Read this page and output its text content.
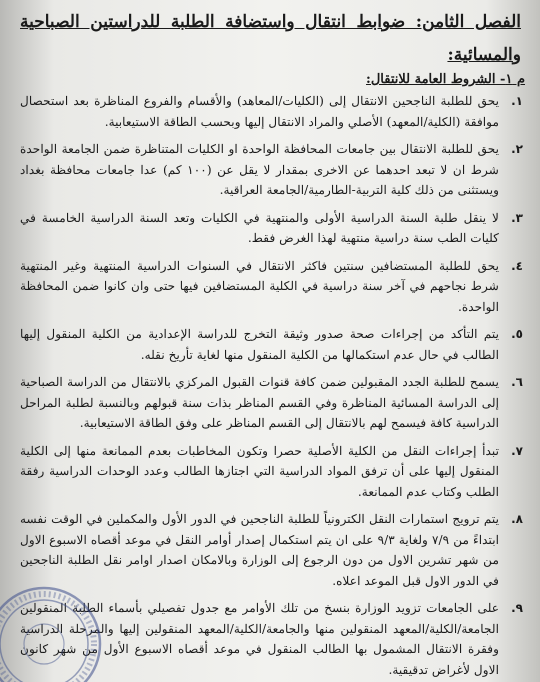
الفصل الثامن: ضوابط انتقال واستضافة الطلبة للدراستين الصباحية والمسائية:
م ١- الشروط العامة للانتقال:
١.
يحق للطلبة الناجحين الانتقال إلى (الكليات/المعاهد) والأقسام والفروع المناظرة بعد استحصال موافقة (الكلية/المعهد) الأصلي والمراد الانتقال إليها وبحسب الطاقة الاستيعابية.
٢.
يحق للطلبة الانتقال بين جامعات المحافظة الواحدة او الكليات المتناظرة ضمن الجامعة الواحدة شرط ان لا تبعد احدهما عن الاخرى بمقدار لا يقل عن (١٠٠ كم) عدا جامعات محافظة بغداد ويستثنى من ذلك كلية التربية-الطارمية/الجامعة العراقية.
٣.
لا ينقل طلبة السنة الدراسية الأولى والمنتهية في الكليات وتعد السنة الدراسية الخامسة في كليات الطب سنة دراسية منتهية لهذا الغرض فقط.
٤.
يحق للطلبة المستضافين سنتين فاكثر الانتقال في السنوات الدراسية المنتهية وغير المنتهية شرط نجاحهم في آخر سنة دراسية في الكلية المستضافين فيها حتى وان كانوا ضمن المحافظة الواحدة.
٥.
يتم التأكد من إجراءات صحة صدور وثيقة التخرج للدراسة الإعدادية من الكلية المنقول إليها الطالب في حال عدم استكمالها من الكلية المنقول منها لغاية تأريخ نقله.
٦.
يسمح للطلبة الجدد المقبولين ضمن كافة قنوات القبول المركزي بالانتقال من الدراسة الصباحية إلى الدراسة المسائية المناظرة وفي القسم المناظر بذات سنة قبولهم وبالنسبة لطلبة المراحل الدراسية كافة فيسمح لهم بالانتقال إلى القسم المناظر على وفق الطاقة الاستيعابية.
٧.
تبدأ إجراءات النقل من الكلية الأصلية حصرا وتكون المخاطبات بعدم الممانعة منها إلى الكلية المنقول إليها على أن ترفق المواد الدراسية التي اجتازها الطالب وعدد الوحدات الدراسية رفقة الطلب وكتاب عدم الممانعة.
٨.
يتم ترويج استمارات النقل الكترونياً للطلبة الناجحين في الدور الأول والمكملين في الوقت نفسه ابتداءً من ٧/٩ ولغاية ٩/٣ على ان يتم استكمال إصدار أوامر النقل في موعد أقصاه الاسبوع الاول من شهر تشرين الاول من دون الرجوع إلى الوزارة وبالامكان اصدار اوامر نقل الطلبة الناجحين في الدور الاول قبل الموعد اعلاه.
٩.
على الجامعات تزويد الوزارة بنسخ من تلك الأوامر مع جدول تفصيلي بأسماء الطلبة المنقولين الجامعة/الكلية/المعهد المنقولين منها والجامعة/الكلية/المعهد المنقولين إليها والمرحلة الدراسية وفقرة الانتقال المشمول بها الطالب المنقول في موعد أقصاه الاسبوع الأول من شهر كانون الاول لأغراض تدقيقية.
